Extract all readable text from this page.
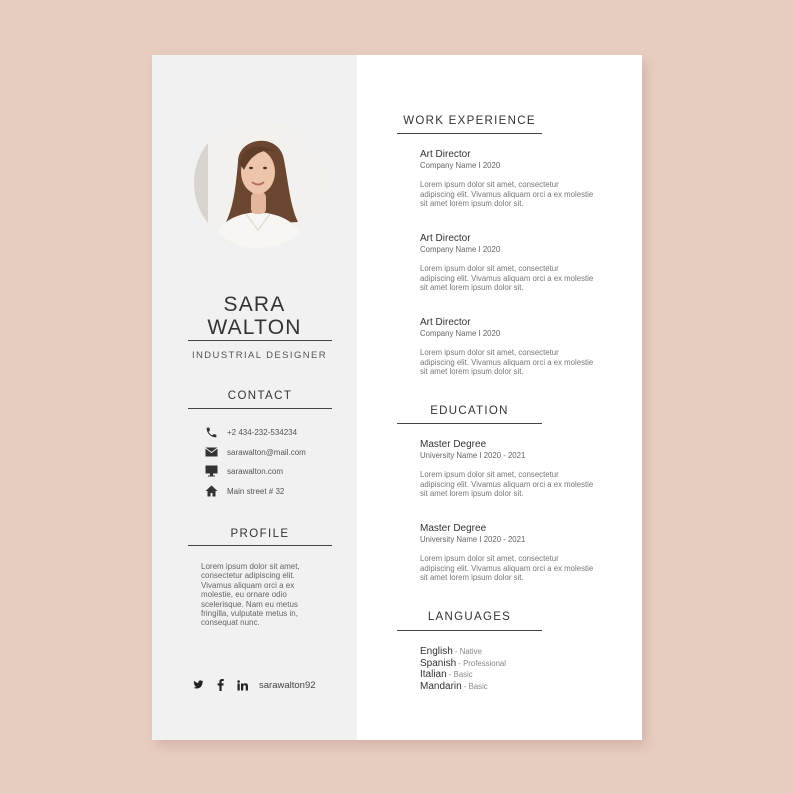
SARA
WALTON
INDUSTRIAL DESIGNER
CONTACT
+2 434-232-534234
sarawalton@mail.com
sarawalton.com
Main street # 32
PROFILE
Lorem ipsum dolor sit amet, consectetur adipiscing elit. Vivamus aliquam orci a ex molestie, eu ornare odio scelerisque. Nam eu metus fringilla, vulputate metus in, consequat nunc.
sarawalton92
WORK EXPERIENCE
Art Director
Company Name I 2020
Lorem ipsum dolor sit amet, consectetur adipiscing elit. Vivamus aliquam orci a ex molestie sit amet lorem ipsum dolor sit.
Art Director
Company Name I 2020
Lorem ipsum dolor sit amet, consectetur adipiscing elit. Vivamus aliquam orci a ex molestie sit amet lorem ipsum dolor sit.
Art Director
Company Name I 2020
Lorem ipsum dolor sit amet, consectetur adipiscing elit. Vivamus aliquam orci a ex molestie sit amet lorem ipsum dolor sit.
EDUCATION
Master Degree
University Name I 2020 - 2021
Lorem ipsum dolor sit amet, consectetur adipiscing elit. Vivamus aliquam orci a ex molestie sit amet lorem ipsum dolor sit.
Master Degree
University Name I 2020 - 2021
Lorem ipsum dolor sit amet, consectetur adipiscing elit. Vivamus aliquam orci a ex molestie sit amet lorem ipsum dolor sit.
LANGUAGES
English - Native
Spanish - Professional
Italian - Basic
Mandarin - Basic
